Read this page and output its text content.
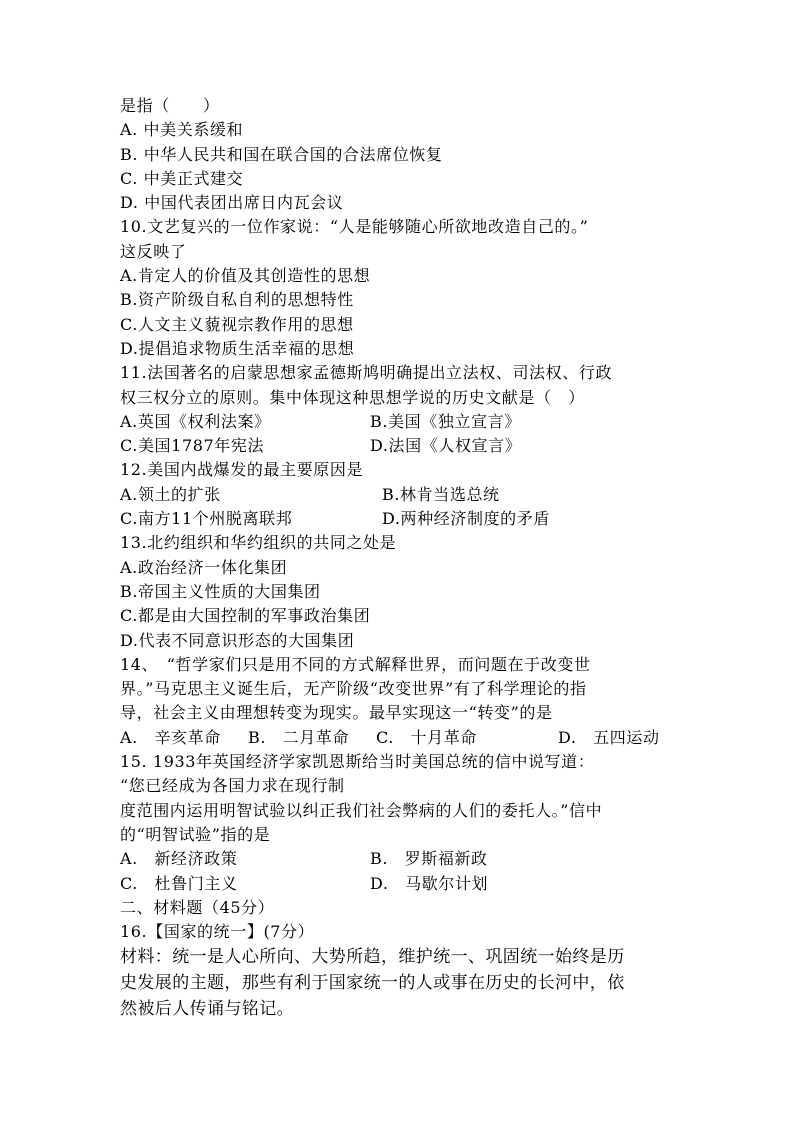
是指（　　）
A. 中美关系缓和
B. 中华人民共和国在联合国的合法席位恢复
C. 中美正式建交
D. 中国代表团出席日内瓦会议
10.文艺复兴的一位作家说：“人是能够随心所欲地改造自己的。”
这反映了
A.肯定人的价值及其创造性的思想
B.资产阶级自私自利的思想特性
C.人文主义藐视宗教作用的思想
D.提倡追求物质生活幸福的思想
11.法国著名的启蒙思想家孟德斯鸠明确提出立法权、司法权、行政
权三权分立的原则。集中体现这种思想学说的历史文献是（　）
A.英国《权利法案》	B.美国《独立宣言》
C.美国1787年宪法	D.法国《人权宣言》
12.美国内战爆发的最主要原因是
A.领土的扩张	B.林肯当选总统
C.南方11个州脱离联邦	D.两种经济制度的矛盾
13.北约组织和华约组织的共同之处是
A.政治经济一体化集团
B.帝国主义性质的大国集团
C.都是由大国控制的军事政治集团
D.代表不同意识形态的大国集团
14、　“哲学家们只是用不同的方式解释世界，而问题在于改变世
界。”马克思主义诞生后，无产阶级“改变世界”有了科学理论的指
导，社会主义由理想转变为现实。最早实现这一“转变”的是
A.　辛亥革命	B.　二月革命	C.　十月革命	D.　五四运动
15. 1933年英国经济学家凯恩斯给当时美国总统的信中说写道：
“您已经成为各国力求在现行制
度范围内运用明智试验以纠正我们社会弊病的人们的委托人。”信中
的“明智试验”指的是
A.　新经济政策	B.　罗斯福新政
C.　杜鲁门主义	D.　马歇尔计划
二、材料题（45分）
16.【国家的统一】(7分）
材料：统一是人心所向、大势所趋，维护统一、巩固统一始终是历
史发展的主题，那些有利于国家统一的人或事在历史的长河中，依
然被后人传诵与铭记。
